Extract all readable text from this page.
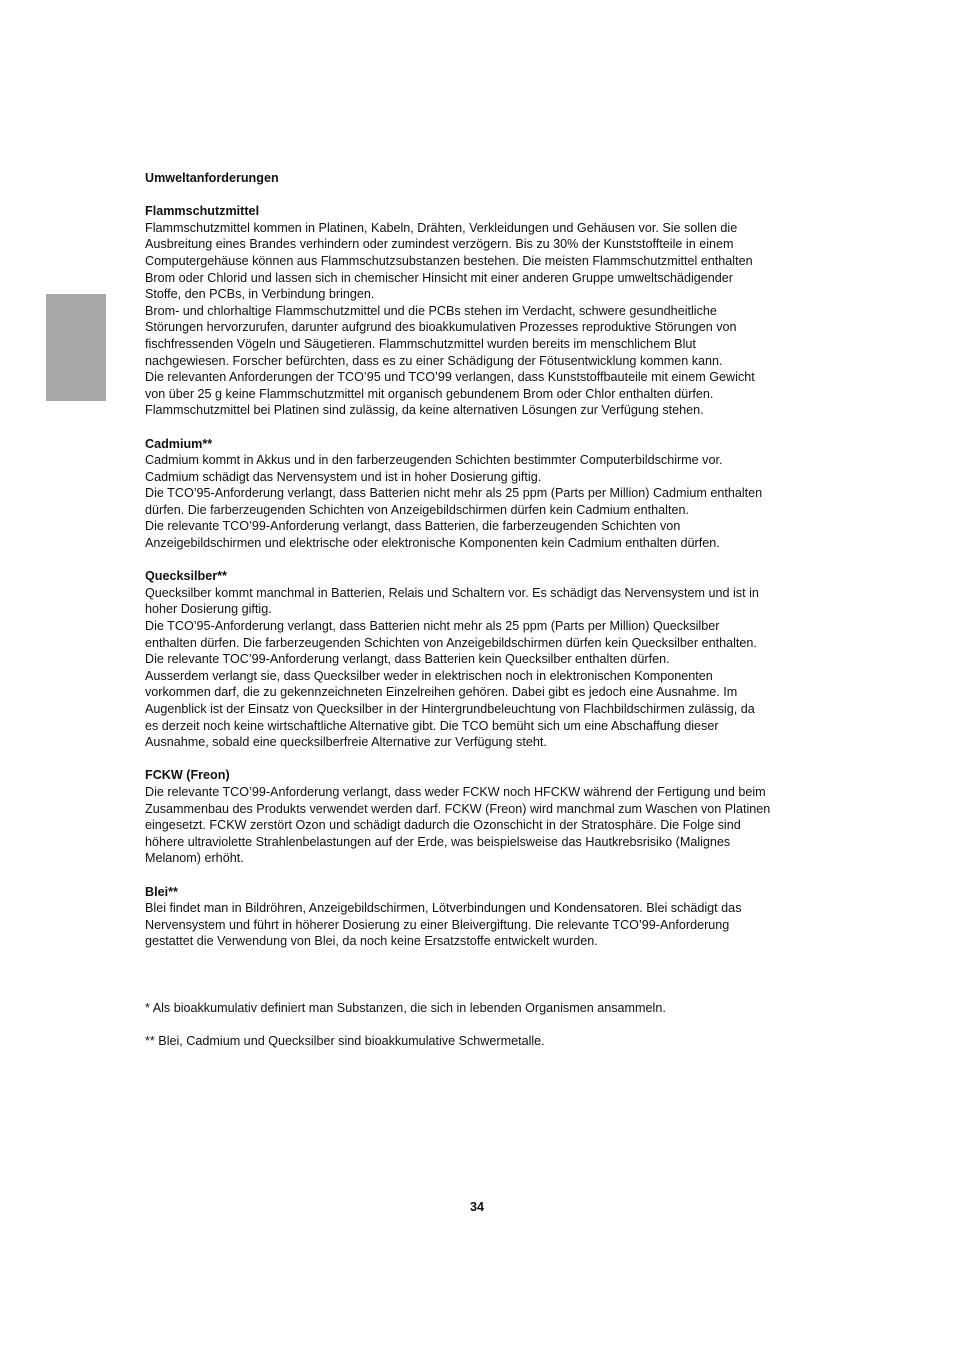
Umweltanforderungen
Flammschutzmittel
Flammschutzmittel kommen in Platinen, Kabeln, Drähten, Verkleidungen und Gehäusen vor. Sie sollen die
Ausbreitung eines Brandes verhindern oder zumindest verzögern. Bis zu 30% der Kunststoffteile in einem
Computergehäuse können aus Flammschutzsubstanzen bestehen. Die meisten Flammschutzmittel enthalten
Brom oder Chlorid und lassen sich in chemischer Hinsicht mit einer anderen Gruppe umweltschädigender
Stoffe, den PCBs, in Verbindung bringen.
Brom- und chlorhaltige Flammschutzmittel und die PCBs stehen im Verdacht, schwere gesundheitliche
Störungen hervorzurufen, darunter aufgrund des bioakkumulativen Prozesses reproduktive Störungen von
fischfressenden Vögeln und Säugetieren. Flammschutzmittel wurden bereits im menschlichem Blut
nachgewiesen. Forscher befürchten, dass es zu einer Schädigung der Fötusentwicklung kommen kann.
Die relevanten Anforderungen der TCO’95 und TCO’99 verlangen, dass Kunststoffbauteile mit einem Gewicht
von über 25 g keine Flammschutzmittel mit organisch gebundenem Brom oder Chlor enthalten dürfen.
Flammschutzmittel bei Platinen sind zulässig, da keine alternativen Lösungen zur Verfügung stehen.
Cadmium**
Cadmium kommt in Akkus und in den farberzeugenden Schichten bestimmter Computerbildschirme vor.
Cadmium schädigt das Nervensystem und ist in hoher Dosierung giftig.
Die TCO’95-Anforderung verlangt, dass Batterien nicht mehr als 25 ppm (Parts per Million) Cadmium enthalten
dürfen. Die farberzeugenden Schichten von Anzeigebildschirmen dürfen kein Cadmium enthalten.
Die relevante TCO’99-Anforderung verlangt, dass Batterien, die farberzeugenden Schichten von
Anzeigebildschirmen und elektrische oder elektronische Komponenten kein Cadmium enthalten dürfen.
Quecksilber**
Quecksilber kommt manchmal in Batterien, Relais und Schaltern vor. Es schädigt das Nervensystem und ist in
hoher Dosierung giftig.
Die TCO’95-Anforderung verlangt, dass Batterien nicht mehr als 25 ppm (Parts per Million) Quecksilber
enthalten dürfen. Die farberzeugenden Schichten von Anzeigebildschirmen dürfen kein Quecksilber enthalten.
Die relevante TOC’99-Anforderung verlangt, dass Batterien kein Quecksilber enthalten dürfen.
Ausserdem verlangt sie, dass Quecksilber weder in elektrischen noch in elektronischen Komponenten
vorkommen darf, die zu gekennzeichneten Einzelreihen gehören. Dabei gibt es jedoch eine Ausnahme. Im
Augenblick ist der Einsatz von Quecksilber in der Hintergrundbeleuchtung von Flachbildschirmen zulässig, da
es derzeit noch keine wirtschaftliche Alternative gibt. Die TCO bemüht sich um eine Abschaffung dieser
Ausnahme, sobald eine quecksilberfreie Alternative zur Verfügung steht.
FCKW (Freon)
Die relevante TCO’99-Anforderung verlangt, dass weder FCKW noch HFCKW während der Fertigung und beim
Zusammenbau des Produkts verwendet werden darf. FCKW (Freon) wird manchmal zum Waschen von Platinen
eingesetzt. FCKW zerstört Ozon und schädigt dadurch die Ozonschicht in der Stratosphäre. Die Folge sind
höhere ultraviolette Strahlenbelastungen auf der Erde, was beispielsweise das Hautkrebsrisiko (Malignes
Melanom) erhöht.
Blei**
Blei findet man in Bildröhren, Anzeigebildschirmen, Lötverbindungen und Kondensatoren. Blei schädigt das
Nervensystem und führt in höherer Dosierung zu einer Bleivergiftung. Die relevante TCO’99-Anforderung
gestattet die Verwendung von Blei, da noch keine Ersatzstoffe entwickelt wurden.
* Als bioakkumulativ definiert man Substanzen, die sich in lebenden Organismen ansammeln.
** Blei, Cadmium und Quecksilber sind bioakkumulative Schwermetalle.
34
